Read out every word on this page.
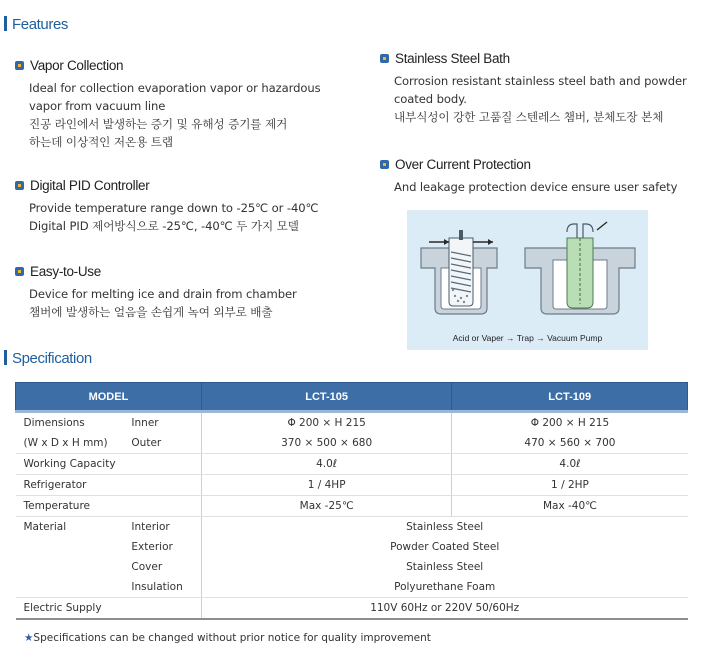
Features
Vapor Collection

Ideal for collection evaporation vapor or hazardous
vapor from vacuum line
진공 라인에서 발생하는 증기 및 유해성 증기를 제거
하는데 이상적인 저온용 트랩

Digital PID Controller

Provide temperature range down to -25℃ or -40℃
Digital PID 제어방식으로 -25℃, -40℃ 두 가지 모델

Easy-to-Use

Device for melting ice and drain from chamber
챔버에 발생하는 얼음을 손쉽게 녹여 외부로 배출

Stainless Steel Bath

Corrosion resistant stainless steel bath and powder
coated body.
내부식성이 강한 고품질 스텐레스 챔버, 분체도장 본체

Over Current Protection

And leakage protection device ensure user safety

Acid or Vaper → Trap → Vacuum Pump
Specification
MODEL		LCT-105	LCT-109
Dimensions	Inner	Φ 200 × H 215	Φ 200 × H 215
(W x D x H mm)	Outer	370 × 500 × 680	470 × 560 × 700
Working Capacity		4.0ℓ	4.0ℓ
Refrigerator		1 / 4HP	1 / 2HP
Temperature		Max -25℃	Max -40℃
Material	Interior	Stainless Steel	
	Exterior	Powder Coated Steel	
	Cover	Stainless Steel	
	Insulation	Polyurethane Foam	
Electric Supply		110V 60Hz or 220V 50/60Hz	
★Specifications can be changed without prior notice for quality improvement
